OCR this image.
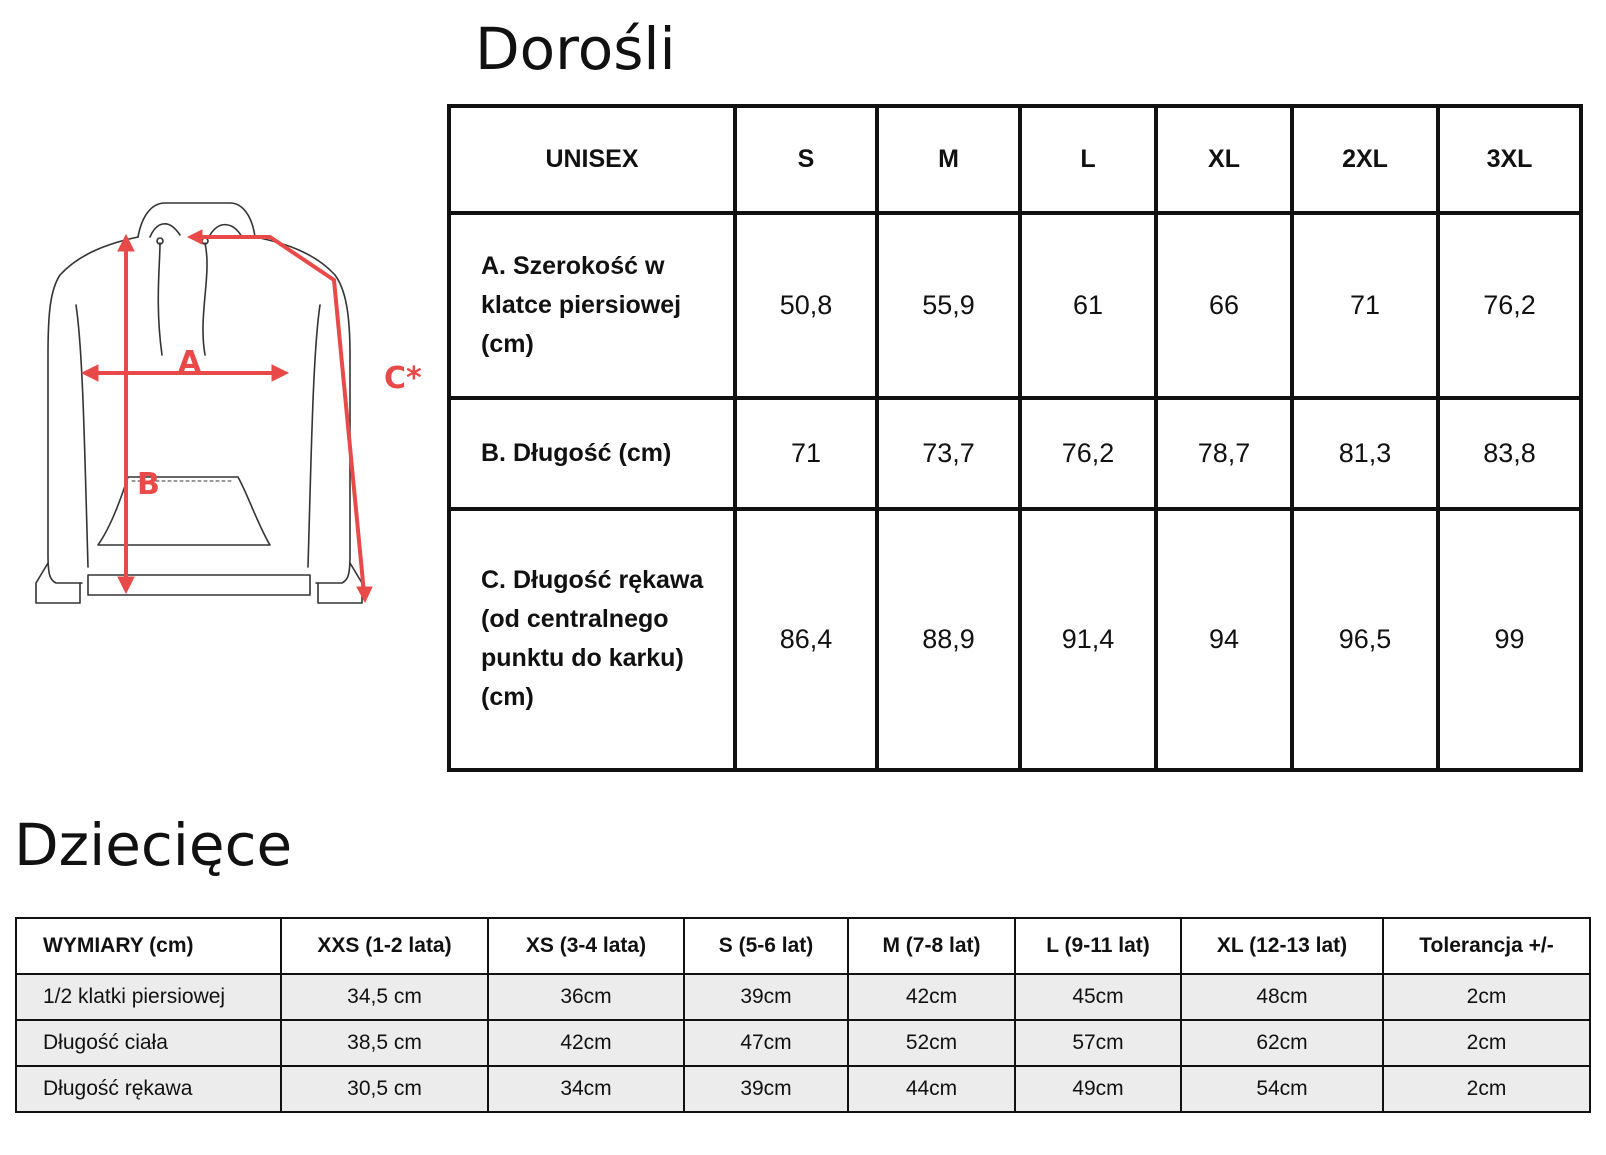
Dorośli
A
B
C*
UNISEX	S	M	L	XL	2XL	3XL
A. Szerokość w klatce piersiowej (cm)	50,8	55,9	61	66	71	76,2
B. Długość (cm)	71	73,7	76,2	78,7	81,3	83,8
C. Długość rękawa (od centralnego punktu do karku) (cm)	86,4	88,9	91,4	94	96,5	99
Dziecięce
WYMIARY (cm)	XXS (1-2 lata)	XS (3-4 lata)	S (5-6 lat)	M (7-8 lat)	L (9-11 lat)	XL (12-13 lat)	Tolerancja +/-
1/2 klatki piersiowej	34,5 cm	36cm	39cm	42cm	45cm	48cm	2cm
Długość ciała	38,5 cm	42cm	47cm	52cm	57cm	62cm	2cm
Długość rękawa	30,5 cm	34cm	39cm	44cm	49cm	54cm	2cm
